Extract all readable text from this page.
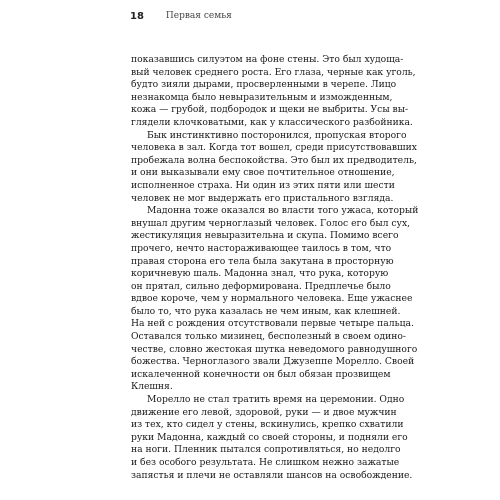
18 Первая семья
показавшись силуэтом на фоне стены. Это был худоща-
вый человек среднего роста. Его глаза, черные как уголь,
будто зияли дырами, просверленными в черепе. Лицо
незнакомца было невыразительным и изможденным,
кожа — грубой, подбородок и щеки не выбриты. Усы вы-
глядели клочковатыми, как у классического разбойника.
Бык инстинктивно посторонился, пропуская второго
человека в зал. Когда тот вошел, среди присутствовавших
пробежала волна беспокойства. Это был их предводитель,
и они выказывали ему свое почтительное отношение,
исполненное страха. Ни один из этих пяти или шести
человек не мог выдержать его пристального взгляда.
Мадонна тоже оказался во власти того ужаса, который
внушал другим черноглазый человек. Голос его был сух,
жестикуляция невыразительна и скупа. Помимо всего
прочего, нечто настораживающее таилось в том, что
правая сторона его тела была закутана в просторную
коричневую шаль. Мадонна знал, что рука, которую
он прятал, сильно деформирована. Предплечье было
вдвое короче, чем у нормального человека. Еще ужаснее
было то, что рука казалась не чем иным, как клешней.
На ней с рождения отсутствовали первые четыре пальца.
Оставался только мизинец, бесполезный в своем одино-
честве, словно жестокая шутка неведомого равнодушного
божества. Черноглазого звали Джузеппе Морелло. Своей
искалеченной конечности он был обязан прозвищем
Клешня.
Морелло не стал тратить время на церемонии. Одно
движение его левой, здоровой, руки — и двое мужчин
из тех, кто сидел у стены, вскинулись, крепко схватили
руки Мадонна, каждый со своей стороны, и подняли его
на ноги. Пленник пытался сопротивляться, но недолго
и без особого результата. Не слишком нежно зажатые
запястья и плечи не оставляли шансов на освобождение.
